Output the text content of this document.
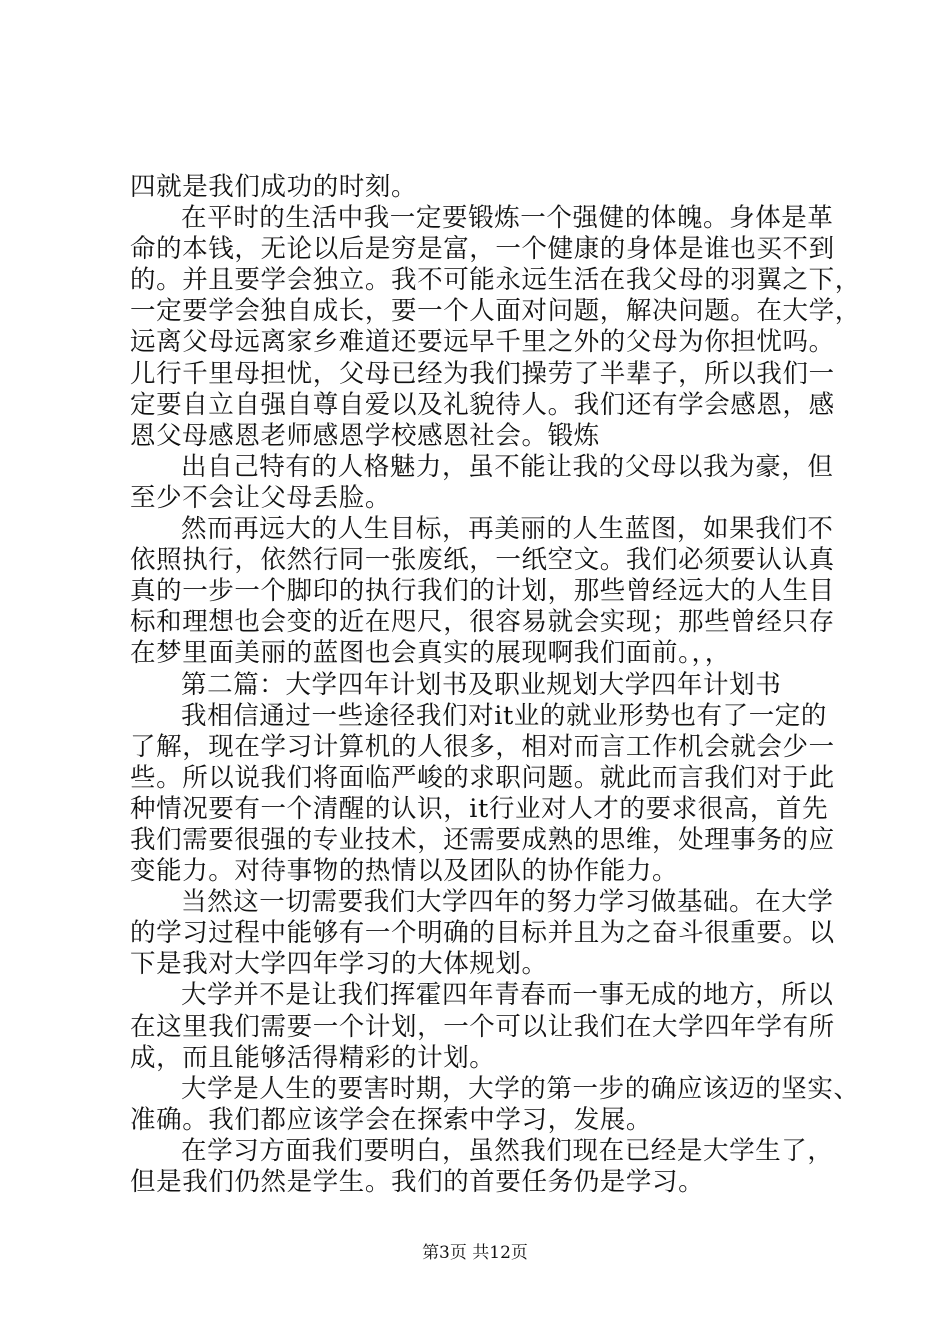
四就是我们成功的时刻。
在平时的生活中我一定要锻炼一个强健的体魄。身体是革
命的本钱，无论以后是穷是富，一个健康的身体是谁也买不到
的。并且要学会独立。我不可能永远生活在我父母的羽翼之下，
一定要学会独自成长，要一个人面对问题，解决问题。在大学，
远离父母远离家乡难道还要远早千里之外的父母为你担忧吗。
儿行千里母担忧，父母已经为我们操劳了半辈子，所以我们一
定要自立自强自尊自爱以及礼貌待人。我们还有学会感恩，感
恩父母感恩老师感恩学校感恩社会。锻炼
出自己特有的人格魅力，虽不能让我的父母以我为豪，但
至少不会让父母丢脸。
然而再远大的人生目标，再美丽的人生蓝图，如果我们不
依照执行，依然行同一张废纸，一纸空文。我们必须要认认真
真的一步一个脚印的执行我们的计划，那些曾经远大的人生目
标和理想也会变的近在咫尺，很容易就会实现；那些曾经只存
在梦里面美丽的蓝图也会真实的展现啊我们面前。，，
第二篇：大学四年计划书及职业规划大学四年计划书
我相信通过一些途径我们对it业的就业形势也有了一定的
了解，现在学习计算机的人很多，相对而言工作机会就会少一
些。所以说我们将面临严峻的求职问题。就此而言我们对于此
种情况要有一个清醒的认识，it行业对人才的要求很高，首先
我们需要很强的专业技术，还需要成熟的思维，处理事务的应
变能力。对待事物的热情以及团队的协作能力。
当然这一切需要我们大学四年的努力学习做基础。在大学
的学习过程中能够有一个明确的目标并且为之奋斗很重要。以
下是我对大学四年学习的大体规划。
大学并不是让我们挥霍四年青春而一事无成的地方，所以
在这里我们需要一个计划，一个可以让我们在大学四年学有所
成，而且能够活得精彩的计划。
大学是人生的要害时期，大学的第一步的确应该迈的坚实、
准确。我们都应该学会在探索中学习，发展。
在学习方面我们要明白，虽然我们现在已经是大学生了，
但是我们仍然是学生。我们的首要任务仍是学习。
第3页 共12页
